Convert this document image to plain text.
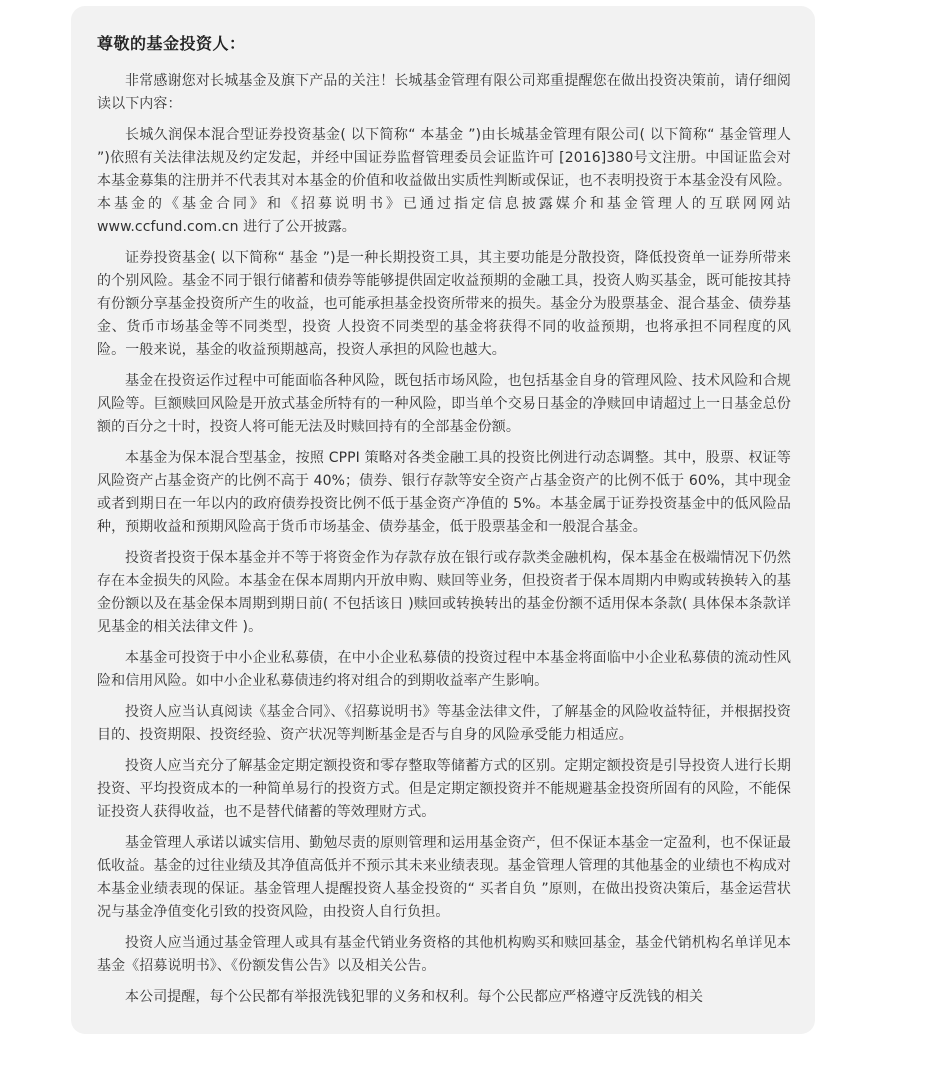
尊敬的基金投资人：

非常感谢您对长城基金及旗下产品的关注！长城基金管理有限公司郑重提醒您在做出投资决策前，请仔细阅读以下内容：

长城久润保本混合型证券投资基金( 以下简称“ 本基金 ”)由长城基金管理有限公司( 以下简称“ 基金管理人 ”)依照有关法律法规及约定发起，并经中国证券监督管理委员会证监许可 [2016]380号文注册。中国证监会对本基金募集的注册并不代表其对本基金的价值和收益做出实质性判断或保证，也不表明投资于本基金没有风险。本基金的《基金合同》和《招募说明书》已通过指定信息披露媒介和基金管理人的互联网网站 www.ccfund.com.cn 进行了公开披露。

证券投资基金( 以下简称“ 基金 ”)是一种长期投资工具，其主要功能是分散投资，降低投资单一证券所带来的个别风险。基金不同于银行储蓄和债券等能够提供固定收益预期的金融工具，投资人购买基金，既可能按其持有份额分享基金投资所产生的收益，也可能承担基金投资所带来的损失。基金分为股票基金、混合基金、债券基金、货币市场基金等不同类型，投资 人投资不同类型的基金将获得不同的收益预期，也将承担不同程度的风险。一般来说，基金的收益预期越高，投资人承担的风险也越大。

基金在投资运作过程中可能面临各种风险，既包括市场风险，也包括基金自身的管理风险、技术风险和合规风险等。巨额赎回风险是开放式基金所特有的一种风险，即当单个交易日基金的净赎回申请超过上一日基金总份额的百分之十时，投资人将可能无法及时赎回持有的全部基金份额。

本基金为保本混合型基金，按照 CPPI 策略对各类金融工具的投资比例进行动态调整。其中，股票、权证等风险资产占基金资产的比例不高于 40%；债券、银行存款等安全资产占基金资产的比例不低于 60%，其中现金或者到期日在一年以内的政府债券投资比例不低于基金资产净值的 5%。本基金属于证券投资基金中的低风险品种，预期收益和预期风险高于货币市场基金、债券基金，低于股票基金和一般混合基金。

投资者投资于保本基金并不等于将资金作为存款存放在银行或存款类金融机构，保本基金在极端情况下仍然存在本金损失的风险。本基金在保本周期内开放申购、赎回等业务，但投资者于保本周期内申购或转换转入的基金份额以及在基金保本周期到期日前( 不包括该日 )赎回或转换转出的基金份额不适用保本条款( 具体保本条款详见基金的相关法律文件 )。

本基金可投资于中小企业私募债，在中小企业私募债的投资过程中本基金将面临中小企业私募债的流动性风险和信用风险。如中小企业私募债违约将对组合的到期收益率产生影响。

投资人应当认真阅读《基金合同》、《招募说明书》等基金法律文件，了解基金的风险收益特征，并根据投资目的、投资期限、投资经验、资产状况等判断基金是否与自身的风险承受能力相适应。

投资人应当充分了解基金定期定额投资和零存整取等储蓄方式的区别。定期定额投资是引导投资人进行长期投资、平均投资成本的一种简单易行的投资方式。但是定期定额投资并不能规避基金投资所固有的风险，不能保证投资人获得收益，也不是替代储蓄的等效理财方式。

基金管理人承诺以诚实信用、勤勉尽责的原则管理和运用基金资产，但不保证本基金一定盈利，也不保证最低收益。基金的过往业绩及其净值高低并不预示其未来业绩表现。基金管理人管理的其他基金的业绩也不构成对本基金业绩表现的保证。基金管理人提醒投资人基金投资的“ 买者自负 ”原则，在做出投资决策后，基金运营状况与基金净值变化引致的投资风险，由投资人自行负担。

投资人应当通过基金管理人或具有基金代销业务资格的其他机构购买和赎回基金，基金代销机构名单详见本基金《招募说明书》、《份额发售公告》以及相关公告。

本公司提醒，每个公民都有举报洗钱犯罪的义务和权利。每个公民都应严格遵守反洗钱的相关
